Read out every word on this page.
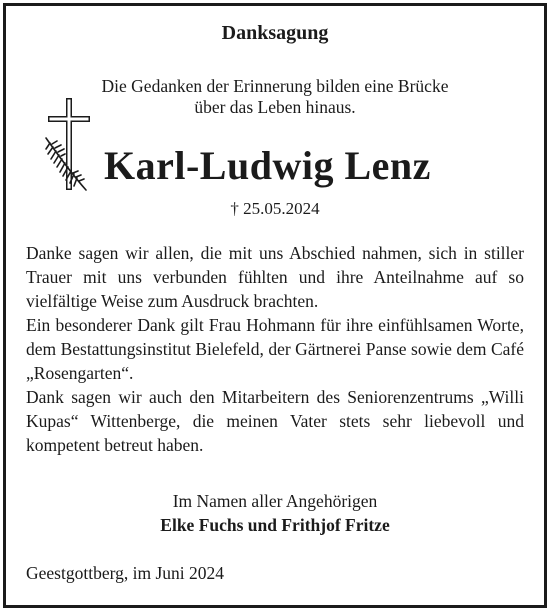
Danksagung
Die Gedanken der Erinnerung bilden eine Brücke
über das Leben hinaus.
Karl-Ludwig Lenz
† 25.05.2024

Danke sagen wir allen, die mit uns Abschied nahmen, sich in stiller Trauer mit uns verbunden fühlten und ihre Anteilnahme auf so vielfältige Weise zum Ausdruck brachten.

Ein besonderer Dank gilt Frau Hohmann für ihre einfühlsamen Worte, dem Bestattungsinstitut Bielefeld, der Gärtnerei Panse sowie dem Café „Rosengarten“.

Dank sagen wir auch den Mitarbeitern des Seniorenzentrums „Willi Kupas“ Wittenberge, die meinen Vater stets sehr liebevoll und kompetent betreut haben.

Im Namen aller Angehörigen
Elke Fuchs und Frithjof Fritze
Geestgottberg, im Juni 2024
